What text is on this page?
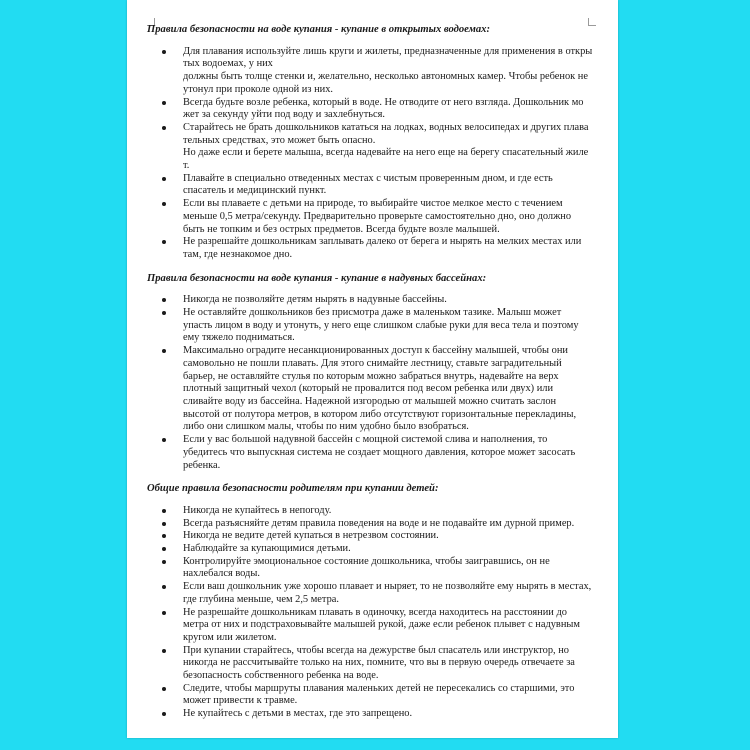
Правила безопасности на воде купания - купание в открытых водоемах:
Для плавания используйте лишь круги и жилеты, предназначенные для применения в откры
тых водоемах, у них
должны быть толще стенки и, желательно, несколько автономных камер. Чтобы ребенок не
утонул при проколе одной из них.
Всегда будьте возле ребенка, который в воде. Не отводите от него взгляда. Дошкольник мо
жет за секунду уйти под воду и захлебнуться.
Старайтесь не брать дошкольников кататься на лодках, водных велосипедах и других плава
тельных средствах, это может быть опасно.
Но даже если и берете малыша, всегда надевайте на него еще на берегу спасательный жиле
т.
Плавайте в специально отведенных местах с чистым проверенным дном, и где есть
спасатель и медицинский пункт.
Если вы плаваете с детьми на природе, то выбирайте чистое мелкое место с течением
меньше 0,5 метра/секунду. Предварительно проверьте самостоятельно дно, оно должно
быть не топким и без острых предметов. Всегда будьте возле малышей.
Не разрешайте дошкольникам заплывать далеко от берега и нырять на мелких местах или
там, где незнакомое дно.
Правила безопасности на воде купания - купание в надувных бассейнах:
Никогда не позволяйте детям нырять в надувные бассейны.
Не оставляйте дошкольников без присмотра даже в маленьком тазике. Малыш может
упасть лицом в воду и утонуть, у него еще слишком слабые руки для веса тела и поэтому
ему тяжело подниматься.
Максимально оградите несанкционированных доступ к бассейну малышей, чтобы они
самовольно не пошли плавать. Для этого снимайте лестницу, ставьте заградительный
барьер, не оставляйте стулья по которым можно забраться внутрь, надевайте на верх
плотный защитный чехол (который не провалится под весом ребенка или двух) или
сливайте воду из бассейна. Надежной изгородью от малышей можно считать заслон
высотой от полутора метров, в котором либо отсутствуют горизонтальные перекладины,
либо они слишком малы, чтобы по ним удобно было взобраться.
Если у вас большой надувной бассейн с мощной системой слива и наполнения, то
убедитесь что выпускная система не создает мощного давления, которое может засосать
ребенка.
Общие правила безопасности родителям при купании детей:
Никогда не купайтесь в непогоду.
Всегда разъясняйте детям правила поведения на воде и не подавайте им дурной пример.
Никогда не ведите детей купаться в нетрезвом состоянии.
Наблюдайте за купающимися детьми.
Контролируйте эмоциональное состояние дошкольника, чтобы заигравшись, он не
нахлебался воды.
Если ваш дошкольник уже хорошо плавает и ныряет, то не позволяйте ему нырять в местах,
где глубина меньше, чем 2,5 метра.
Не разрешайте дошкольникам плавать в одиночку, всегда находитесь на расстоянии до
метра от них и подстраховывайте малышей рукой, даже если ребенок плывет с надувным
кругом или жилетом.
При купании старайтесь, чтобы всегда на дежурстве был спасатель или инструктор, но
никогда не рассчитывайте только на них, помните, что вы в первую очередь отвечаете за
безопасность собственного ребенка на воде.
Следите, чтобы маршруты плавания маленьких детей не пересекались со старшими, это
может привести к травме.
Не купайтесь с детьми в местах, где это запрещено.
